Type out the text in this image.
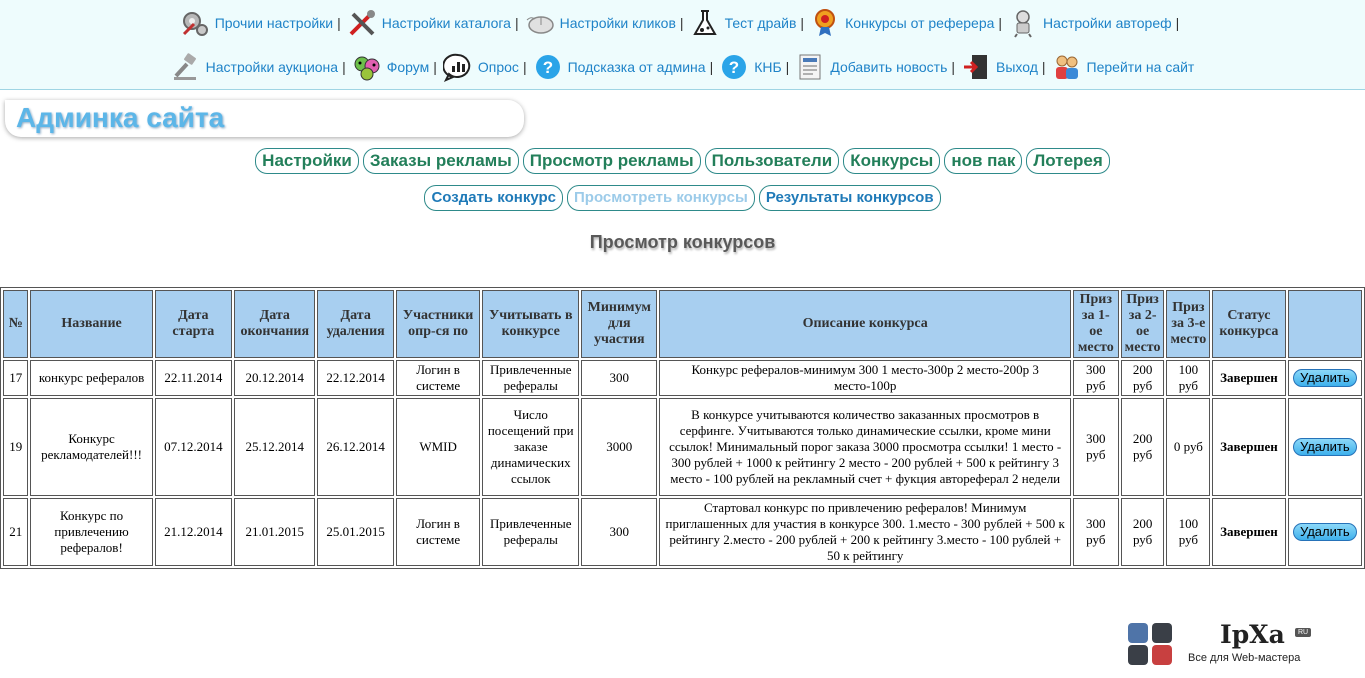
Прочии настройки |	Настройки каталога |	Настройки кликов |	Тест драйв |	Конкурсы от реферера |	Настройки автореф |
Настройки аукциона |	Форум |	Опрос | ? Подсказка от админа | ? КНБ |	Добавить новость |	Выход |	Перейти на сайт
Админка сайта
Настройки	Заказы рекламы	Просмотр рекламы	Пользователи	Конкурсы	нов пак	Лотерея
Создать конкурс	Просмотреть конкурсы	Результаты конкурсов
Просмотр конкурсов
№	Название	Дата старта	Дата окончания	Дата удаления	Участники опр-ся по	Учитывать в конкурсе	Минимум для участия	Описание конкурса	Приз за 1-ое место	Приз за 2-ое место	Приз за 3-е место	Статус конкурса	
17	конкурс рефералов	22.11.2014	20.12.2014	22.12.2014	Логин в системе	Привлеченные рефералы	300	Конкурс рефералов-минимум 300 1 место-300р 2 место-200р 3 место-100р	300 руб	200 руб	100 руб	Завершен	Удалить
19	Конкурс рекламодателей!!!	07.12.2014	25.12.2014	26.12.2014	WMID	Число посещений при заказе динамических ссылок	3000	В конкурсе учитываются количество заказанных просмотров в серфинге. Учитываются только динамические ссылки, кроме мини ссылок! Минимальный порог заказа 3000 просмотра ссылки! 1 место - 300 рублей + 1000 к рейтингу 2 место - 200 рублей + 500 к рейтингу 3 место - 100 рублей на рекламный счет + фукция автореферал 2 недели	300 руб	200 руб	0 руб	Завершен	Удалить
21	Конкурс по привлечению рефералов!	21.12.2014	21.01.2015	25.01.2015	Логин в системе	Привлеченные рефералы	300	Стартовал конкурс по привлечению рефералов! Минимум приглашенных для участия в конкурсе 300. 1.место - 300 рублей + 500 к рейтингу 2.место - 200 рублей + 200 к рейтингу 3.место - 100 рублей + 50 к рейтингу	300 руб	200 руб	100 руб	Завершен	Удалить
IpXa	RU
Все для Web-мастера
